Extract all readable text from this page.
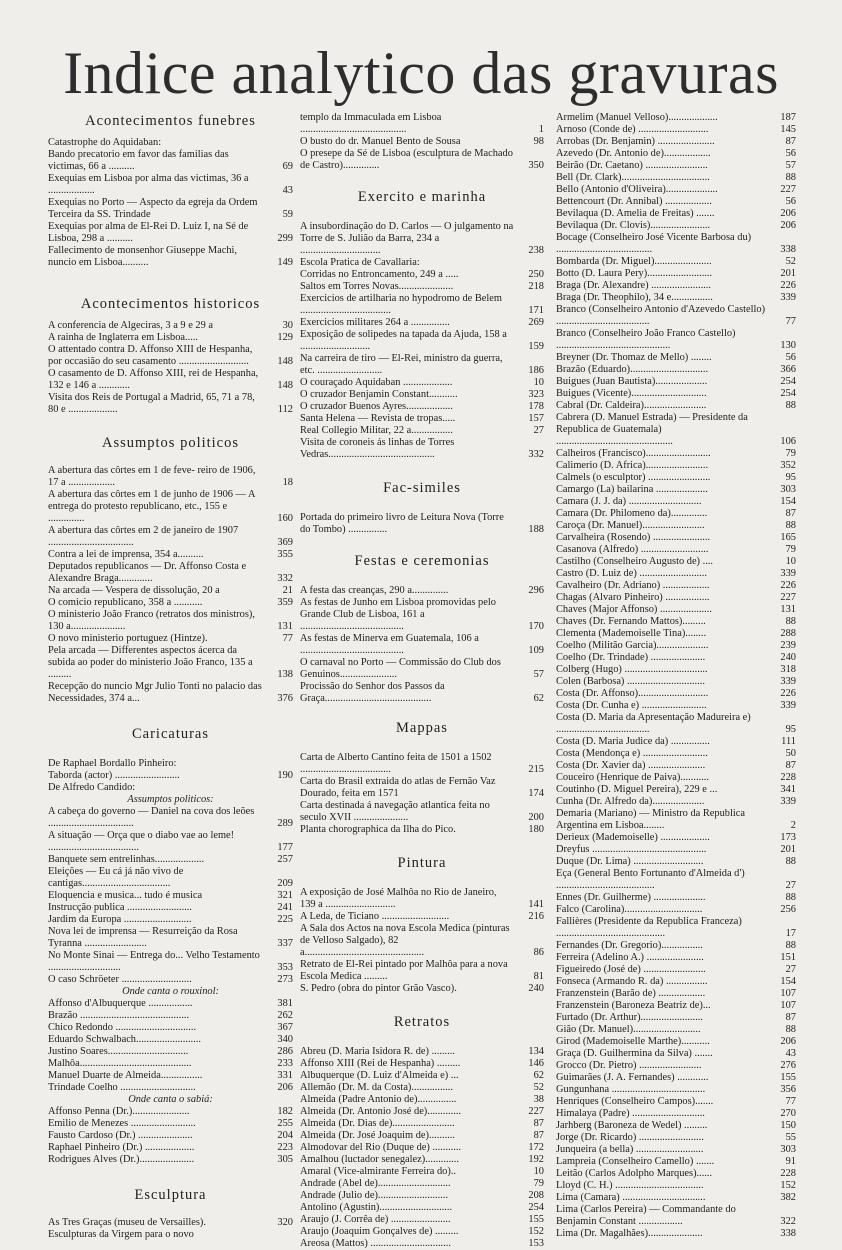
Indice analytico das gravuras
Acontecimentos funebres
Catastrophe do Aquidaban:
Bando precatorio em favor das familias das victimas, 66 a ..........	69
Exequias em Lisboa por alma das victimas, 36 a ..................	43
Exequias no Porto — Aspecto da egreja da Ordem Terceira da SS. Trindade	59
Exequias por alma de El-Rei D. Luiz I, na Sé de Lisboa, 298 a ..........	299
Fallecimento de monsenhor Giuseppe Machi, nuncio em Lisboa..........	149
Acontecimentos historicos
A conferencia de Algeciras, 3 a 9 e 29 a	30
A rainha de Inglaterra em Lisboa.....	129
O attentado contra D. Affonso XIII de Hespanha, por occasião do seu casamento ...........................	148
O casamento de D. Affonso XIII, rei de Hespanha, 132 e 146 a ............	148
Visita dos Reis de Portugal a Madrid, 65, 71 a 78, 80 e ...................	112
Assumptos politicos
A abertura das côrtes em 1 de feve- reiro de 1906, 17 a ..................	18
A abertura das côrtes em 1 de junho de 1906 — A entrega do protesto republicano, etc., 155 e ..............	160
A abertura das côrtes em 2 de janeiro de 1907 .................................	369
Contra a lei de imprensa, 354 a..........	355
Deputados republicanos — Dr. Affonso Costa e Alexandre Braga.............	332
Na arcada — Vespera de dissolução, 20 a	21
O comicio republicano, 358 a ...........	359
O ministerio João Franco (retratos dos ministros), 130 a.....................	131
O novo ministerio portuguez (Hintze).	77
Pela arcada — Differentes aspectos ácerca da subida ao poder do ministerio João Franco, 135 a .........	138
Recepção do nuncio Mgr Julio Tonti no palacio das Necessidades, 374 a...	376
Caricaturas
De Raphael Bordallo Pinheiro:
Taborda (actor) .........................	190
De Alfredo Candido:
Assumptos politicos:
A cabeça do governo — Daniel na cova dos leões .................................	289
A situação — Orça que o diabo vae ao leme! ...................................	177
Banquete sem entrelinhas...................	257
Eleições — Eu cá já não vivo de cantigas..................................	209
Eloquencia e musica... tudo é musica	321
Instrucção publica .........................	241
Jardim da Europa ..........................	225
Nova lei de imprensa — Resurreição da Rosa Tyranna ........................	337
No Monte Sinai — Entrega do... Velho Testamento ............................	353
O caso Schröeter ...........................	273
Onde canta o rouxinol:
Affonso d'Albuquerque .................	381
Brazão ..........................................	262
Chico Redondo ...............................	367
Eduardo Schwalbach.........................	340
Justino Soares...............................	286
Malhôa...........................................	233
Manuel Duarte de Almeida................	331
Trindade Coelho .............................	206
Onde canta o sabiá:
Affonso Penna (Dr.)......................	182
Emilio de Menezes .........................	255
Fausto Cardoso (Dr.) .....................	204
Raphael Pinheiro (Dr.) ...................	223
Rodrigues Alves (Dr.).....................	305
Esculptura
As Tres Graças (museu de Versailles).	320
Esculpturas da Virgem para o novo
templo da Immaculada em Lisboa .........................................	1
O busto do dr. Manuel Bento de Sousa	98
O presepe da Sé de Lisboa (esculptura de Machado de Castro)..............	350
Exercito e marinha
A insubordinação do D. Carlos — O julgamento na Torre de S. Julião da Barra, 234 a ...............................	238
Escola Pratica de Cavallaria:
Corridas no Entroncamento, 249 a .....	250
Saltos em Torres Novas.....................	218
Exercicios de artilharia no hypodromo de Belem ...................................	171
Exercicios militares 264 a ...............	269
Exposição de solipedes na tapada da Ajuda, 158 a ...........................	159
Na carreira de tiro — El-Rei, ministro da guerra, etc. .........................	186
O couraçado Aquidaban ...................	10
O cruzador Benjamin Constant...........	323
O cruzador Buenos Ayres..................	178
Santa Helena — Revista de tropas.....	157
Real Collegio Militar, 22 a................	27
Visita de coroneis ás linhas de Torres Vedras.........................................	332
Fac-similes
Portada do primeiro livro de Leitura Nova (Torre do Tombo) ...............	188
Festas e ceremonias
A festa das creanças, 290 a..............	296
As festas de Junho em Lisboa promovidas pelo Grande Club de Lisboa, 161 a ........................................	170
As festas de Minerva em Guatemala, 106 a ........................................	109
O carnaval no Porto — Commissão do Club dos Genuinos......................	57
Procissão do Senhor dos Passos da Graça.........................................	62
Mappas
Carta de Alberto Cantino feita de 1501 a 1502 ...................................	215
Carta do Brasil extraida do atlas de Fernão Vaz Dourado, feita em 1571	174
Carta destinada á navegação atlantica feita no seculo XVII .....................	200
Planta chorographica da Ilha do Pico.	180
Pintura
A exposição de José Malhôa no Rio de Janeiro, 139 a ...........................	141
A Leda, de Ticiano ..........................	216
A Sala dos Actos na nova Escola Medica (pinturas de Velloso Salgado), 82 a..............................................	86
Retrato de El-Rei pintado por Malhôa para a nova Escola Medica .........	81
S. Pedro (obra do pintor Grão Vasco).	240
Retratos
Abreu (D. Maria Isidora R. de) .........	134
Affonso XIII (Rei de Hespanha) .........	146
Albuquerque (D. Luiz d'Almeida e) ...	62
Allemão (Dr. M. da Costa)................	52
Almeida (Padre Antonio de)...............	38
Almeida (Dr. Antonio José de).............	227
Almeida (Dr. Dias de)........................	87
Almeida (Dr. José Joaquim de)..........	87
Almodovar del Rio (Duque de) ...........	172
Amalhou (luctador senegalez).............	192
Amaral (Vice-almirante Ferreira do)..	10
Andrade (Abel de)............................	79
Andrade (Julio de)...........................	208
Antolino (Agustin)............................	254
Araujo (J. Corrêa de) .......................	155
Araujo (Joaquim Gonçalves de) .........	152
Areosa (Mattos) ...............................	153
Armelim (Manuel Velloso)...................	187
Arnoso (Conde de) ...........................	145
Arrobas (Dr. Benjamin) ......................	87
Azevedo (Dr. Antonio de)..................	56
Beirão (Dr. Caetano) ........................	57
Bell (Dr. Clark)..................................	88
Bello (Antonio d'Oliveira)....................	227
Bettencourt (Dr. Annibal) ..................	56
Bevilaqua (D. Amelia de Freitas) .......	206
Bevilaqua (Dr. Clovis).......................	206
Bocage (Conselheiro José Vicente Barbosa du) .....................................	338
Bombarda (Dr. Miguel)......................	52
Botto (D. Laura Pery).........................	201
Braga (Dr. Alexandre) .......................	226
Braga (Dr. Theophilo), 34 e................	339
Branco (Conselheiro Antonio d'Azevedo Castello) ....................................	77
Branco (Conselheiro João Franco Castello) ............................................	130
Breyner (Dr. Thomaz de Mello) ........	56
Brazão (Eduardo)..............................	366
Buigues (Juan Bautista)....................	254
Buigues (Vicente).............................	254
Cabral (Dr. Caldeira)........................	88
Cabrera (D. Manuel Estrada) — Presidente da Republica de Guatemala) .............................................	106
Calheiros (Francisco).........................	79
Calimerio (D. Africa)........................	352
Calmels (o esculptor) ........................	95
Camargo (La) bailarina ....................	303
Camara (J. J. da) ............................	154
Camara (Dr. Philomeno da)..............	87
Caroça (Dr. Manuel)........................	88
Carvalheira (Rosendo) ......................	165
Casanova (Alfredo) ..........................	79
Castilho (Conselheiro Augusto de) ....	10
Castro (D. Luiz de) ..........................	339
Cavalheiro (Dr. Adriano) ..................	226
Chagas (Alvaro Pinheiro) .................	227
Chaves (Major Affonso) ....................	131
Chaves (Dr. Fernando Mattos).........	88
Clementa (Mademoiselle Tina)........	288
Coelho (Militão Garcia)....................	239
Coelho (Dr. Trindade) .....................	240
Colberg (Hugo) ................................	318
Colen (Barbosa) ..............................	339
Costa (Dr. Affonso)...........................	226
Costa (Dr. Cunha e) .........................	339
Costa (D. Maria da Apresentação Madureira e) ....................................	95
Costa (D. Maria Judice da) ...............	111
Costa (Mendonça e) .........................	50
Costa (Dr. Xavier da) ......................	87
Couceiro (Henrique de Paiva)...........	228
Coutinho (D. Miguel Pereira), 229 e ...	341
Cunha (Dr. Alfredo da)....................	339
Demaria (Mariano) — Ministro da Republica Argentina em Lisboa........	2
Derieux (Mademoiselle) ...................	173
Dreyfus ............................................	201
Duque (Dr. Lima) ...........................	88
Eça (General Bento Fortunanto d'Almeida d') ......................................	27
Ennes (Dr. Guilherme) ....................	88
Falco (Carolina)..............................	256
Fallières (Presidente da Republica Franceza) ..........................................	17
Fernandes (Dr. Gregorio)................	88
Ferreira (Adelino A.) ......................	151
Figueiredo (José de) ........................	27
Fonseca (Armando R. da) ................	154
Franzenstein (Barão de) ..................	107
Franzenstein (Baroneza Beatriz de)...	107
Furtado (Dr. Arthur)........................	87
Gião (Dr. Manuel)..........................	88
Girod (Mademoiselle Marthe)...........	206
Graça (D. Guilhermina da Silva) .......	43
Grocco (Dr. Pietro) ........................	276
Guimarães (J. A. Fernandes) ............	155
Gungunhana ....................................	356
Henriques (Conselheiro Campos).......	77
Himalaya (Padre) ............................	270
Jarhberg (Baroneza de Wedel) .........	150
Jorge (Dr. Ricardo) .........................	55
Junqueira (a bella) ..........................	303
Lampreia (Conselheiro Camello) .......	91
Leitão (Carlos Adolpho Marques)......	228
Lloyd (C. H.) ..................................	152
Lima (Camara) ................................	382
Lima (Carlos Pereira) — Commandante do Benjamin Constant .................	322
Lima (Dr. Magalhães).....................	338
